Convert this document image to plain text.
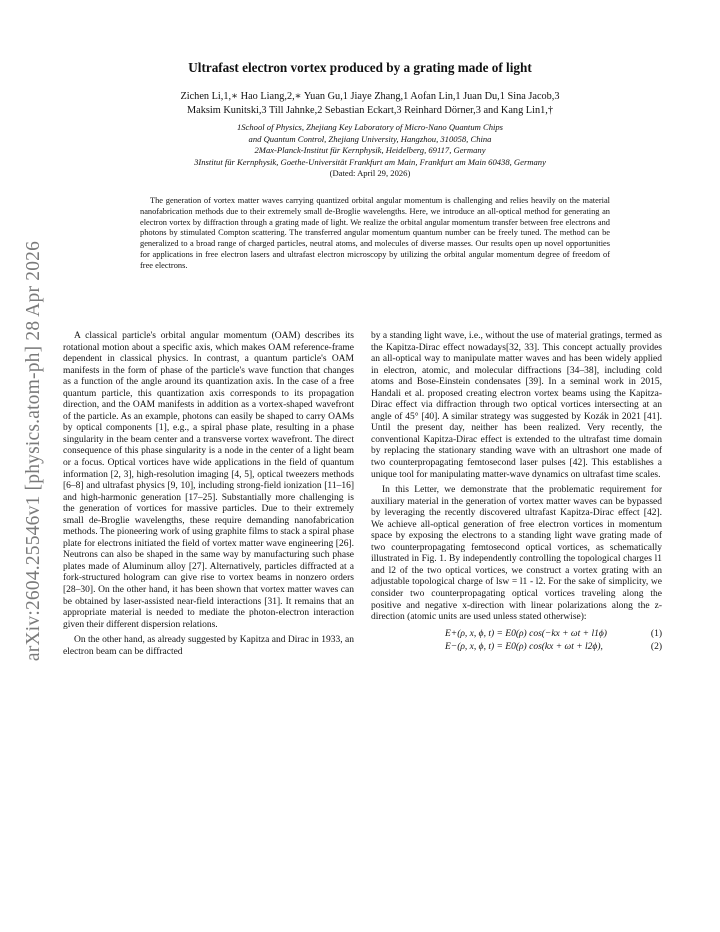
arXiv:2604.25546v1 [physics.atom-ph] 28 Apr 2026
Ultrafast electron vortex produced by a grating made of light
Zichen Li,1,∗ Hao Liang,2,∗ Yuan Gu,1 Jiaye Zhang,1 Aofan Lin,1 Juan Du,1 Sina Jacob,3
Maksim Kunitski,3 Till Jahnke,2 Sebastian Eckart,3 Reinhard Dörner,3 and Kang Lin1,†
1School of Physics, Zhejiang Key Laboratory of Micro-Nano Quantum Chips
and Quantum Control, Zhejiang University, Hangzhou, 310058, China
2Max-Planck-Institut für Kernphysik, Heidelberg, 69117, Germany
3Institut für Kernphysik, Goethe-Universität Frankfurt am Main, Frankfurt am Main 60438, Germany
(Dated: April 29, 2026)

The generation of vortex matter waves carrying quantized orbital angular momentum is challenging and relies heavily on the material nanofabrication methods due to their extremely small de-Broglie wavelengths. Here, we introduce an all-optical method for generating an electron vortex by diffraction through a grating made of light. We realize the orbital angular momentum transfer between free electrons and photons by stimulated Compton scattering. The transferred angular momentum quantum number can be freely tuned. The method can be generalized to a broad range of charged particles, neutral atoms, and molecules of diverse masses. Our results open up novel opportunities for applications in free electron lasers and ultrafast electron microscopy by utilizing the orbital angular momentum degree of freedom of free electrons.

A classical particle's orbital angular momentum (OAM) describes its rotational motion about a specific axis, which makes OAM reference-frame dependent in classical physics. In contrast, a quantum particle's OAM manifests in the form of phase of the particle's wave function that changes as a function of the angle around its quantization axis. In the case of a free quantum particle, this quantization axis corresponds to its propagation direction, and the OAM manifests in addition as a vortex-shaped wavefront of the particle. As an example, photons can easily be shaped to carry OAMs by optical components [1], e.g., a spiral phase plate, resulting in a phase singularity in the beam center and a transverse vortex wavefront. The direct consequence of this phase singularity is a node in the center of a light beam or a focus. Optical vortices have wide applications in the field of quantum information [2, 3], high-resolution imaging [4, 5], optical tweezers methods [6–8] and ultrafast physics [9, 10], including strong-field ionization [11–16] and high-harmonic generation [17–25]. Substantially more challenging is the generation of vortices for massive particles. Due to their extremely small de-Broglie wavelengths, these require demanding nanofabrication methods. The pioneering work of using graphite films to stack a spiral phase plate for electrons initiated the field of vortex matter wave engineering [26]. Neutrons can also be shaped in the same way by manufacturing such phase plates made of Aluminum alloy [27]. Alternatively, particles diffracted at a fork-structured hologram can give rise to vortex beams in nonzero orders [28–30]. On the other hand, it has been shown that vortex matter waves can be obtained by laser-assisted near-field interactions [31]. It remains that an appropriate material is needed to mediate the photon-electron interaction given their different dispersion relations.

On the other hand, as already suggested by Kapitza and Dirac in 1933, an electron beam can be diffracted

by a standing light wave, i.e., without the use of material gratings, termed as the Kapitza-Dirac effect nowadays[32, 33]. This concept actually provides an all-optical way to manipulate matter waves and has been widely applied in electron, atomic, and molecular diffractions [34–38], including cold atoms and Bose-Einstein condensates [39]. In a seminal work in 2015, Handali et al. proposed creating electron vortex beams using the Kapitza-Dirac effect via diffraction through two optical vortices intersecting at an angle of 45° [40]. A similar strategy was suggested by Kozák in 2021 [41]. Until the present day, neither has been realized. Very recently, the conventional Kapitza-Dirac effect is extended to the ultrafast time domain by replacing the stationary standing wave with an ultrashort one made of two counterpropagating femtosecond laser pulses [42]. This establishes a unique tool for manipulating matter-wave dynamics on ultrafast time scales.

In this Letter, we demonstrate that the problematic requirement for auxiliary material in the generation of vortex matter waves can be bypassed by leveraging the recently discovered ultrafast Kapitza-Dirac effect [42]. We achieve all-optical generation of free electron vortices in momentum space by exposing the electrons to a standing light wave grating made of two counterpropagating femtosecond optical vortices, as schematically illustrated in Fig. 1. By independently controlling the topological charges l1 and l2 of the two optical vortices, we construct a vortex grating with an adjustable topological charge of lsw = l1 - l2. For the sake of simplicity, we consider two counterpropagating optical vortices traveling along the positive and negative x-direction with linear polarizations along the z-direction (atomic units are used unless stated otherwise):

E+(ρ, x, ϕ, t) = E0(ρ) cos(−kx + ωt + l1ϕ)	(1)
E−(ρ, x, ϕ, t) = E0(ρ) cos(kx + ωt + l2ϕ),	(2)
